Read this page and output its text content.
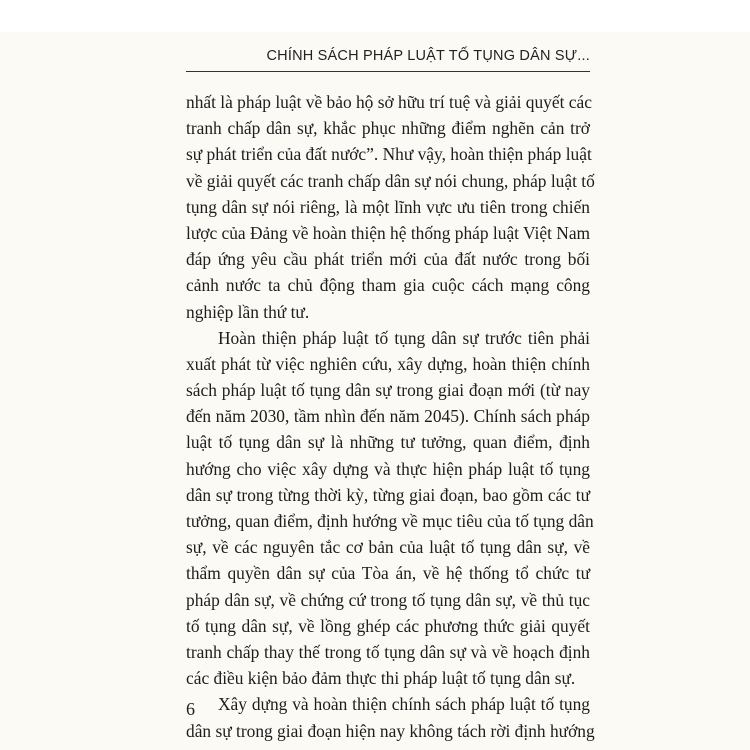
CHÍNH SÁCH PHÁP LUẬT TỐ TỤNG DÂN SỰ...
nhất là pháp luật về bảo hộ sở hữu trí tuệ và giải quyết các
tranh chấp dân sự, khắc phục những điểm nghẽn cản trở
sự phát triển của đất nước”. Như vậy, hoàn thiện pháp luật
về giải quyết các tranh chấp dân sự nói chung, pháp luật tố
tụng dân sự nói riêng, là một lĩnh vực ưu tiên trong chiến
lược của Đảng về hoàn thiện hệ thống pháp luật Việt Nam
đáp ứng yêu cầu phát triển mới của đất nước trong bối
cảnh nước ta chủ động tham gia cuộc cách mạng công
nghiệp lần thứ tư.
Hoàn thiện pháp luật tố tụng dân sự trước tiên phải
xuất phát từ việc nghiên cứu, xây dựng, hoàn thiện chính
sách pháp luật tố tụng dân sự trong giai đoạn mới (từ nay
đến năm 2030, tầm nhìn đến năm 2045). Chính sách pháp
luật tố tụng dân sự là những tư tưởng, quan điểm, định
hướng cho việc xây dựng và thực hiện pháp luật tố tụng
dân sự trong từng thời kỳ, từng giai đoạn, bao gồm các tư
tưởng, quan điểm, định hướng về mục tiêu của tố tụng dân
sự, về các nguyên tắc cơ bản của luật tố tụng dân sự, về
thẩm quyền dân sự của Tòa án, về hệ thống tổ chức tư
pháp dân sự, về chứng cứ trong tố tụng dân sự, về thủ tục
tố tụng dân sự, về lồng ghép các phương thức giải quyết
tranh chấp thay thế trong tố tụng dân sự và về hoạch định
các điều kiện bảo đảm thực thi pháp luật tố tụng dân sự.
Xây dựng và hoàn thiện chính sách pháp luật tố tụng
dân sự trong giai đoạn hiện nay không tách rời định hướng
6
